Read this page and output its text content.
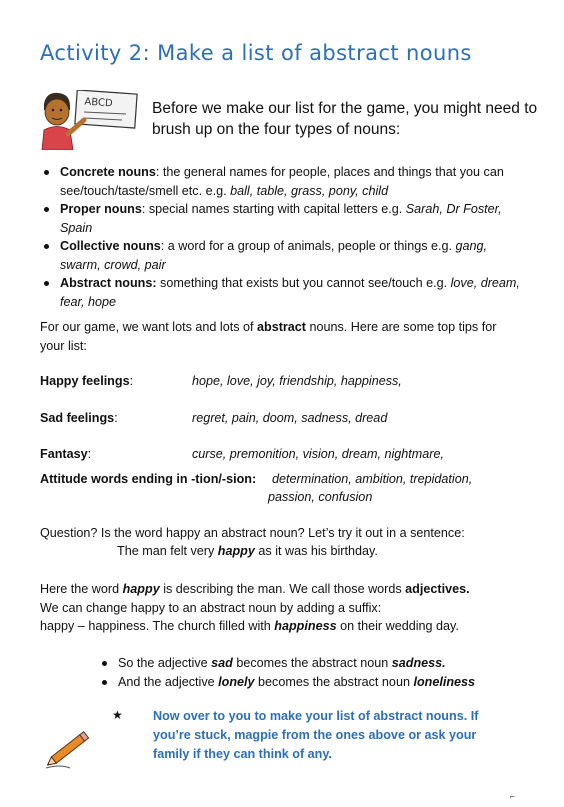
Activity 2: Make a list of abstract nouns
ABCD	Before we make our list for the game, you might need to brush up on the four types of nouns:
Concrete nouns: the general names for people, places and things that you can see/touch/taste/smell etc. e.g. ball, table, grass, pony, child
Proper nouns: special names starting with capital letters e.g. Sarah, Dr Foster, Spain
Collective nouns: a word for a group of animals, people or things e.g. gang, swarm, crowd, pair
Abstract nouns: something that exists but you cannot see/touch e.g. love, dream, fear, hope
For our game, we want lots and lots of abstract nouns. Here are some top tips for your list:
Happy feelings:	hope, love, joy, friendship, happiness,
Sad feelings:	regret, pain, doom, sadness, dread
Fantasy:	curse, premonition, vision, dream, nightmare,
Attitude words ending in -tion/-sion: determination, ambition, trepidation,
passion, confusion
Question? Is the word happy an abstract noun? Let’s try it out in a sentence:
The man felt very happy as it was his birthday.
Here the word happy is describing the man. We call those words adjectives.
We can change happy to an abstract noun by adding a suffix:
happy – happiness. The church filled with happiness on their wedding day.
So the adjective sad becomes the abstract noun sadness.
And the adjective lonely becomes the abstract noun loneliness
★ Now over to you to make your list of abstract nouns. If you’re stuck, magpie from the ones above or ask your family if they can think of any.
⌐
